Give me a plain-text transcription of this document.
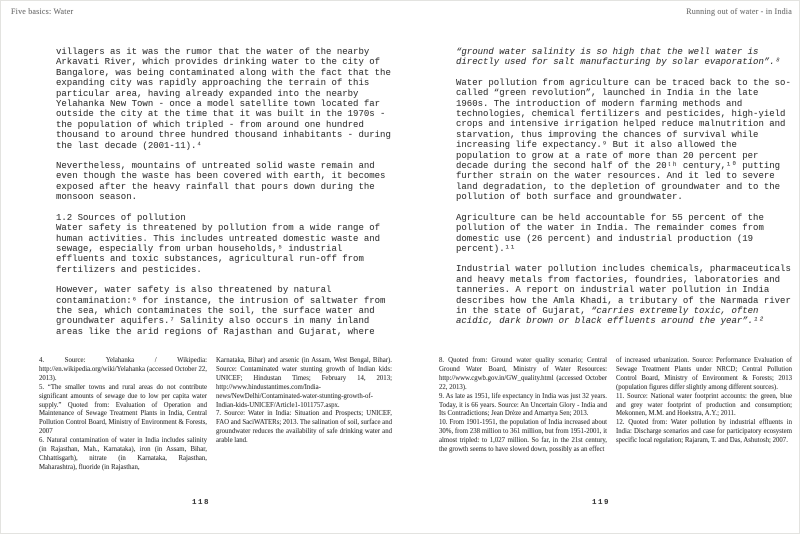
Five basics: Water

villagers as it was the rumor that the water of the nearby Arkavati River, which provides drinking water to the city of Bangalore, was being contaminated along with the fact that the expanding city was rapidly approaching the terrain of this particular area, having already expanded into the nearby Yelahanka New Town - once a model satellite town located far outside the city at the time that it was built in the 1970s - the population of which tripled - from around one hundred thousand to around three hundred thousand inhabitants - during the last decade (2001-11).⁴

Nevertheless, mountains of untreated solid waste remain and even though the waste has been covered with earth, it becomes exposed after the heavy rainfall that pours down during the monsoon season.

1.2 Sources of pollution

Water safety is threatened by pollution from a wide range of human activities. This includes untreated domestic waste and sewage, especially from urban households,⁵ industrial effluents and toxic substances, agricultural run-off from fertilizers and pesticides.

However, water safety is also threatened by natural contamination:⁶ for instance, the intrusion of saltwater from the sea, which contaminates the soil, the surface water and groundwater aquifers.⁷ Salinity also occurs in many inland areas like the arid regions of Rajasthan and Gujarat, where

4. Source: Yelahanka / Wikipedia: http://en.wikipedia.org/wiki/Yelahanka (accessed October 22, 2013).

5. “The smaller towns and rural areas do not contribute significant amounts of sewage due to low per capita water supply.” Quoted from: Evaluation of Operation and Maintenance of Sewage Treatment Plants in India, Central Pollution Control Board, Ministry of Environment & Forests, 2007

6. Natural contamination of water in India includes salinity (in Rajasthan, Mah., Karnataka), iron (in Assam, Bihar, Chhattisgarh), nitrate (in Karnataka, Rajasthan, Maharashtra), fluoride (in Rajasthan,

Karnataka, Bihar) and arsenic (in Assam, West Bengal, Bihar). Source: Contaminated water stunting growth of Indian kids: UNICEF; Hindustan Times; February 14, 2013; http://www.hindustantimes.com/India-news/NewDelhi/Contaminated-water-stunting-growth-of-Indian-kids-UNICEF/Article1-1011757.aspx.

7. Source: Water in India: Situation and Prospects; UNICEF, FAO and SaciWATERs; 2013. The salination of soil, surface and groundwater reduces the availability of safe drinking water and arable land.

118
Running out of water - in India

“ground water salinity is so high that the well water is directly used for salt manufacturing by solar evaporation”.⁸

Water pollution from agriculture can be traced back to the so-called “green revolution”, launched in India in the late 1960s. The introduction of modern farming methods and technologies, chemical fertilizers and pesticides, high-yield crops and intensive irrigation helped reduce malnutrition and starvation, thus improving the chances of survival while increasing life expectancy.⁹ But it also allowed the population to grow at a rate of more than 20 percent per decade during the second half of the 20ᵗʰ century,¹⁰ putting further strain on the water resources. And it led to severe land degradation, to the depletion of groundwater and to the pollution of both surface and groundwater.

Agriculture can be held accountable for 55 percent of the pollution of the water in India. The remainder comes from domestic use (26 percent) and industrial production (19 percent).¹¹

Industrial water pollution includes chemicals, pharmaceuticals and heavy metals from factories, foundries, laboratories and tanneries. A report on industrial water pollution in India describes how the Amla Khadi, a tributary of the Narmada river in the state of Gujarat, “carries extremely toxic, often acidic, dark brown or black effluents around the year”.¹²

8. Quoted from: Ground water quality scenario; Central Ground Water Board, Ministry of Water Resources: http://www.cgwb.gov.in/GW_quality.html (accessed October 22, 2013).

9. As late as 1951, life expectancy in India was just 32 years. Today, it is 66 years. Source: An Uncertain Glory - India and Its Contradictions; Jean Drèze and Amartya Sen; 2013.

10. From 1901-1951, the population of India increased about 30%, from 238 million to 361 million, but from 1951-2001, it almost tripled: to 1,027 million. So far, in the 21st century, the growth seems to have slowed down, possibly as an effect

of increased urbanization. Source: Performance Evaluation of Sewage Treatment Plants under NRCD; Central Pollution Control Board, Ministry of Environment & Forests; 2013 (population figures differ slightly among different sources).

11. Source: National water footprint accounts: the green, blue and grey water footprint of production and consumption; Mekonnen, M.M. and Hoekstra, A.Y.; 2011.

12. Quoted from: Water pollution by industrial effluents in India: Discharge scenarios and case for participatory ecosystem specific local regulation; Rajaram, T. and Das, Ashutosh; 2007.

119
